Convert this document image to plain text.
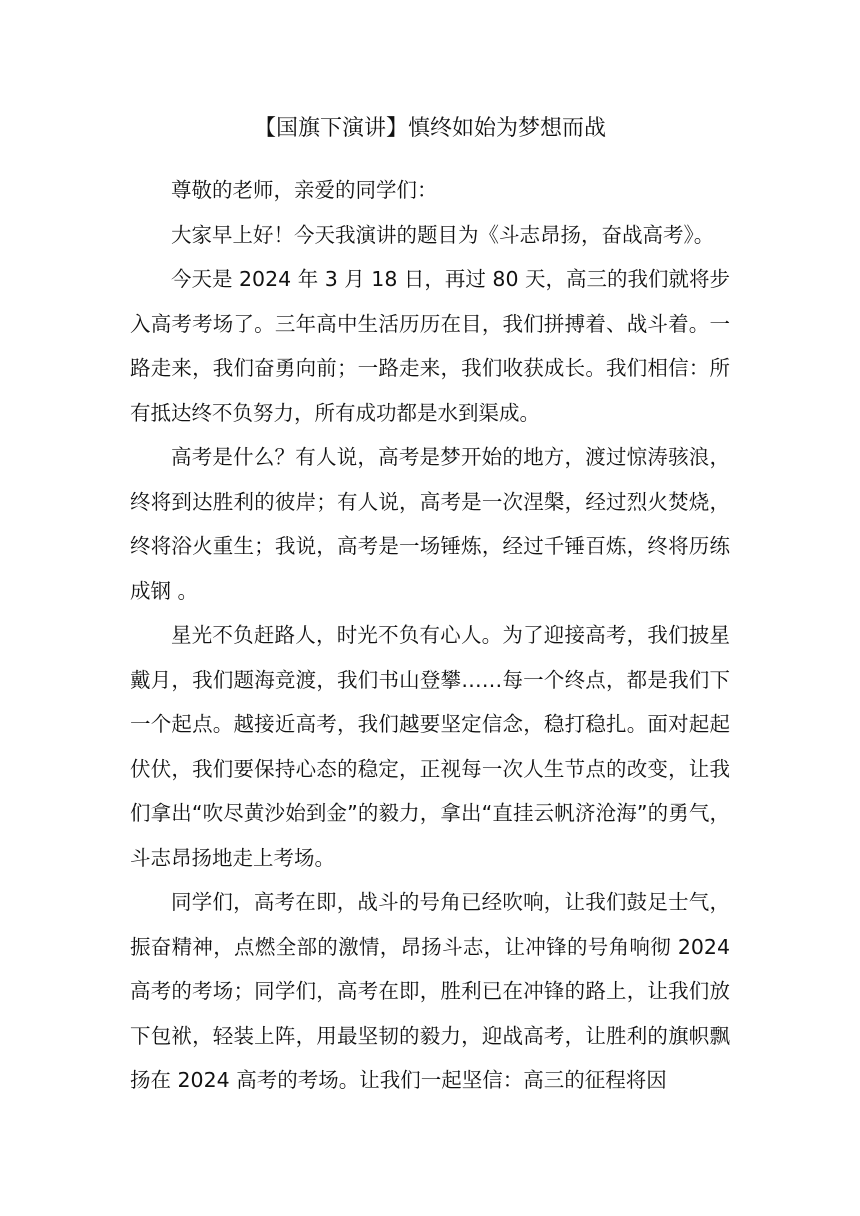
【国旗下演讲】慎终如始为梦想而战

尊敬的老师，亲爱的同学们：

大家早上好！今天我演讲的题目为《斗志昂扬，奋战高考》。

今天是 2024 年 3 月 18 日，再过 80 天，高三的我们就将步入高考考场了。三年高中生活历历在目，我们拼搏着、战斗着。一路走来，我们奋勇向前；一路走来，我们收获成长。我们相信：所有抵达终不负努力，所有成功都是水到渠成。

高考是什么？有人说，高考是梦开始的地方，渡过惊涛骇浪，终将到达胜利的彼岸；有人说，高考是一次涅槃，经过烈火焚烧，终将浴火重生；我说，高考是一场锤炼，经过千锤百炼，终将历练成钢 。

星光不负赶路人，时光不负有心人。为了迎接高考，我们披星戴月，我们题海竞渡，我们书山登攀……每一个终点，都是我们下一个起点。越接近高考，我们越要坚定信念，稳打稳扎。面对起起伏伏，我们要保持心态的稳定，正视每一次人生节点的改变，让我们拿出“吹尽黄沙始到金”的毅力，拿出“直挂云帆济沧海”的勇气，斗志昂扬地走上考场。

同学们，高考在即，战斗的号角已经吹响，让我们鼓足士气，振奋精神，点燃全部的激情，昂扬斗志，让冲锋的号角响彻 2024 高考的考场；同学们，高考在即，胜利已在冲锋的路上，让我们放下包袱，轻装上阵，用最坚韧的毅力，迎战高考，让胜利的旗帜飘扬在 2024 高考的考场。让我们一起坚信：高三的征程将因
